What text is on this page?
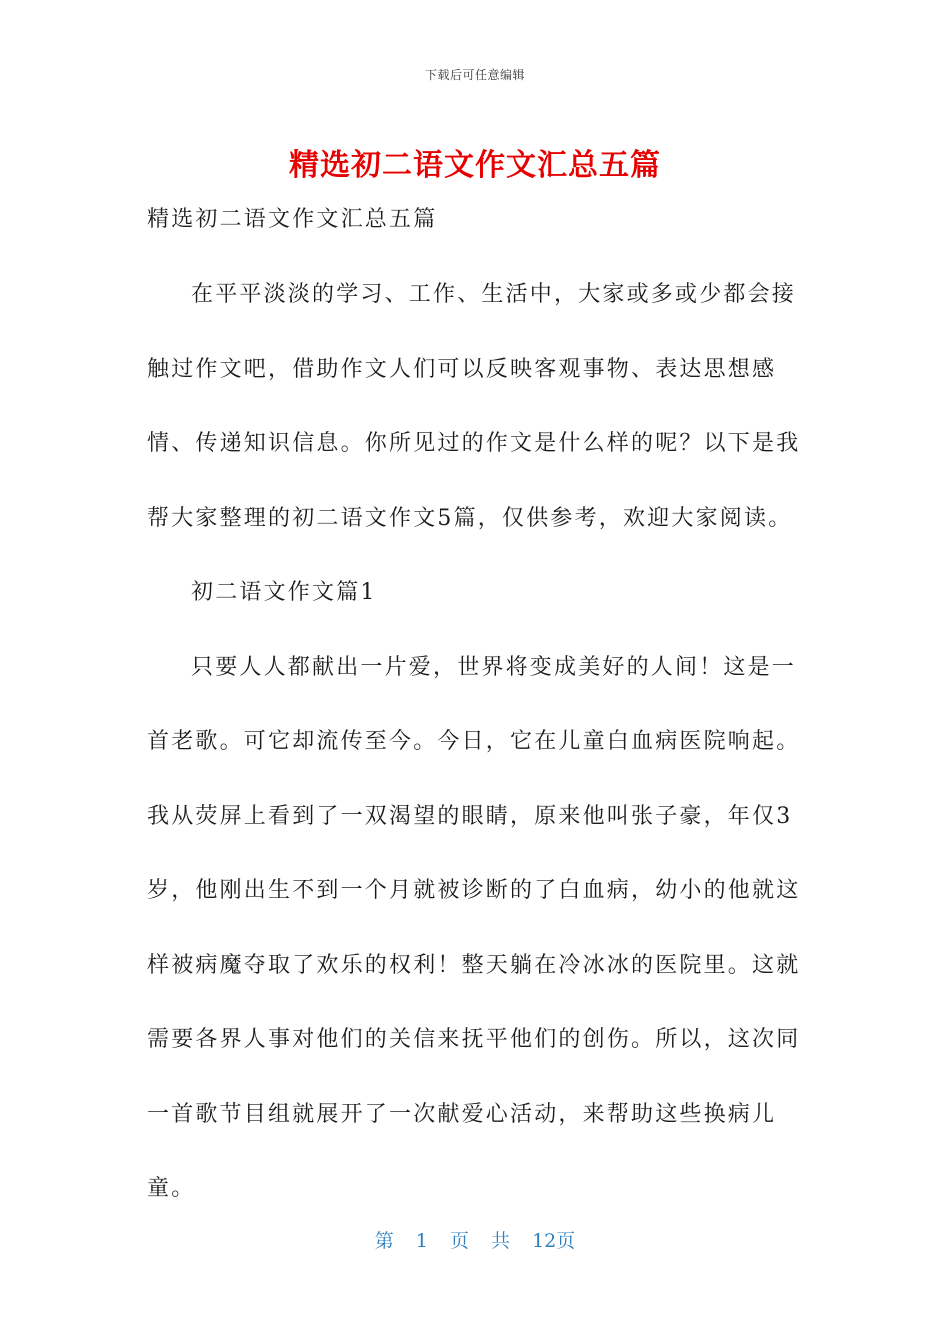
下载后可任意编辑
精选初二语文作文汇总五篇
精选初二语文作文汇总五篇

在平平淡淡的学习、工作、生活中，大家或多或少都会接触过作文吧，借助作文人们可以反映客观事物、表达思想感情、传递知识信息。你所见过的作文是什么样的呢？以下是我帮大家整理的初二语文作文5篇，仅供参考，欢迎大家阅读。

初二语文作文篇1

只要人人都献出一片爱，世界将变成美好的人间！这是一首老歌。可它却流传至今。今日，它在儿童白血病医院响起。我从荧屏上看到了一双渴望的眼睛，原来他叫张子豪，年仅3岁，他刚出生不到一个月就被诊断的了白血病，幼小的他就这样被病魔夺取了欢乐的权利！整天躺在冷冰冰的医院里。这就需要各界人事对他们的关信来抚平他们的创伤。所以，这次同一首歌节目组就展开了一次献爱心活动，来帮助这些换病儿童。

第 1 页 共 12页
